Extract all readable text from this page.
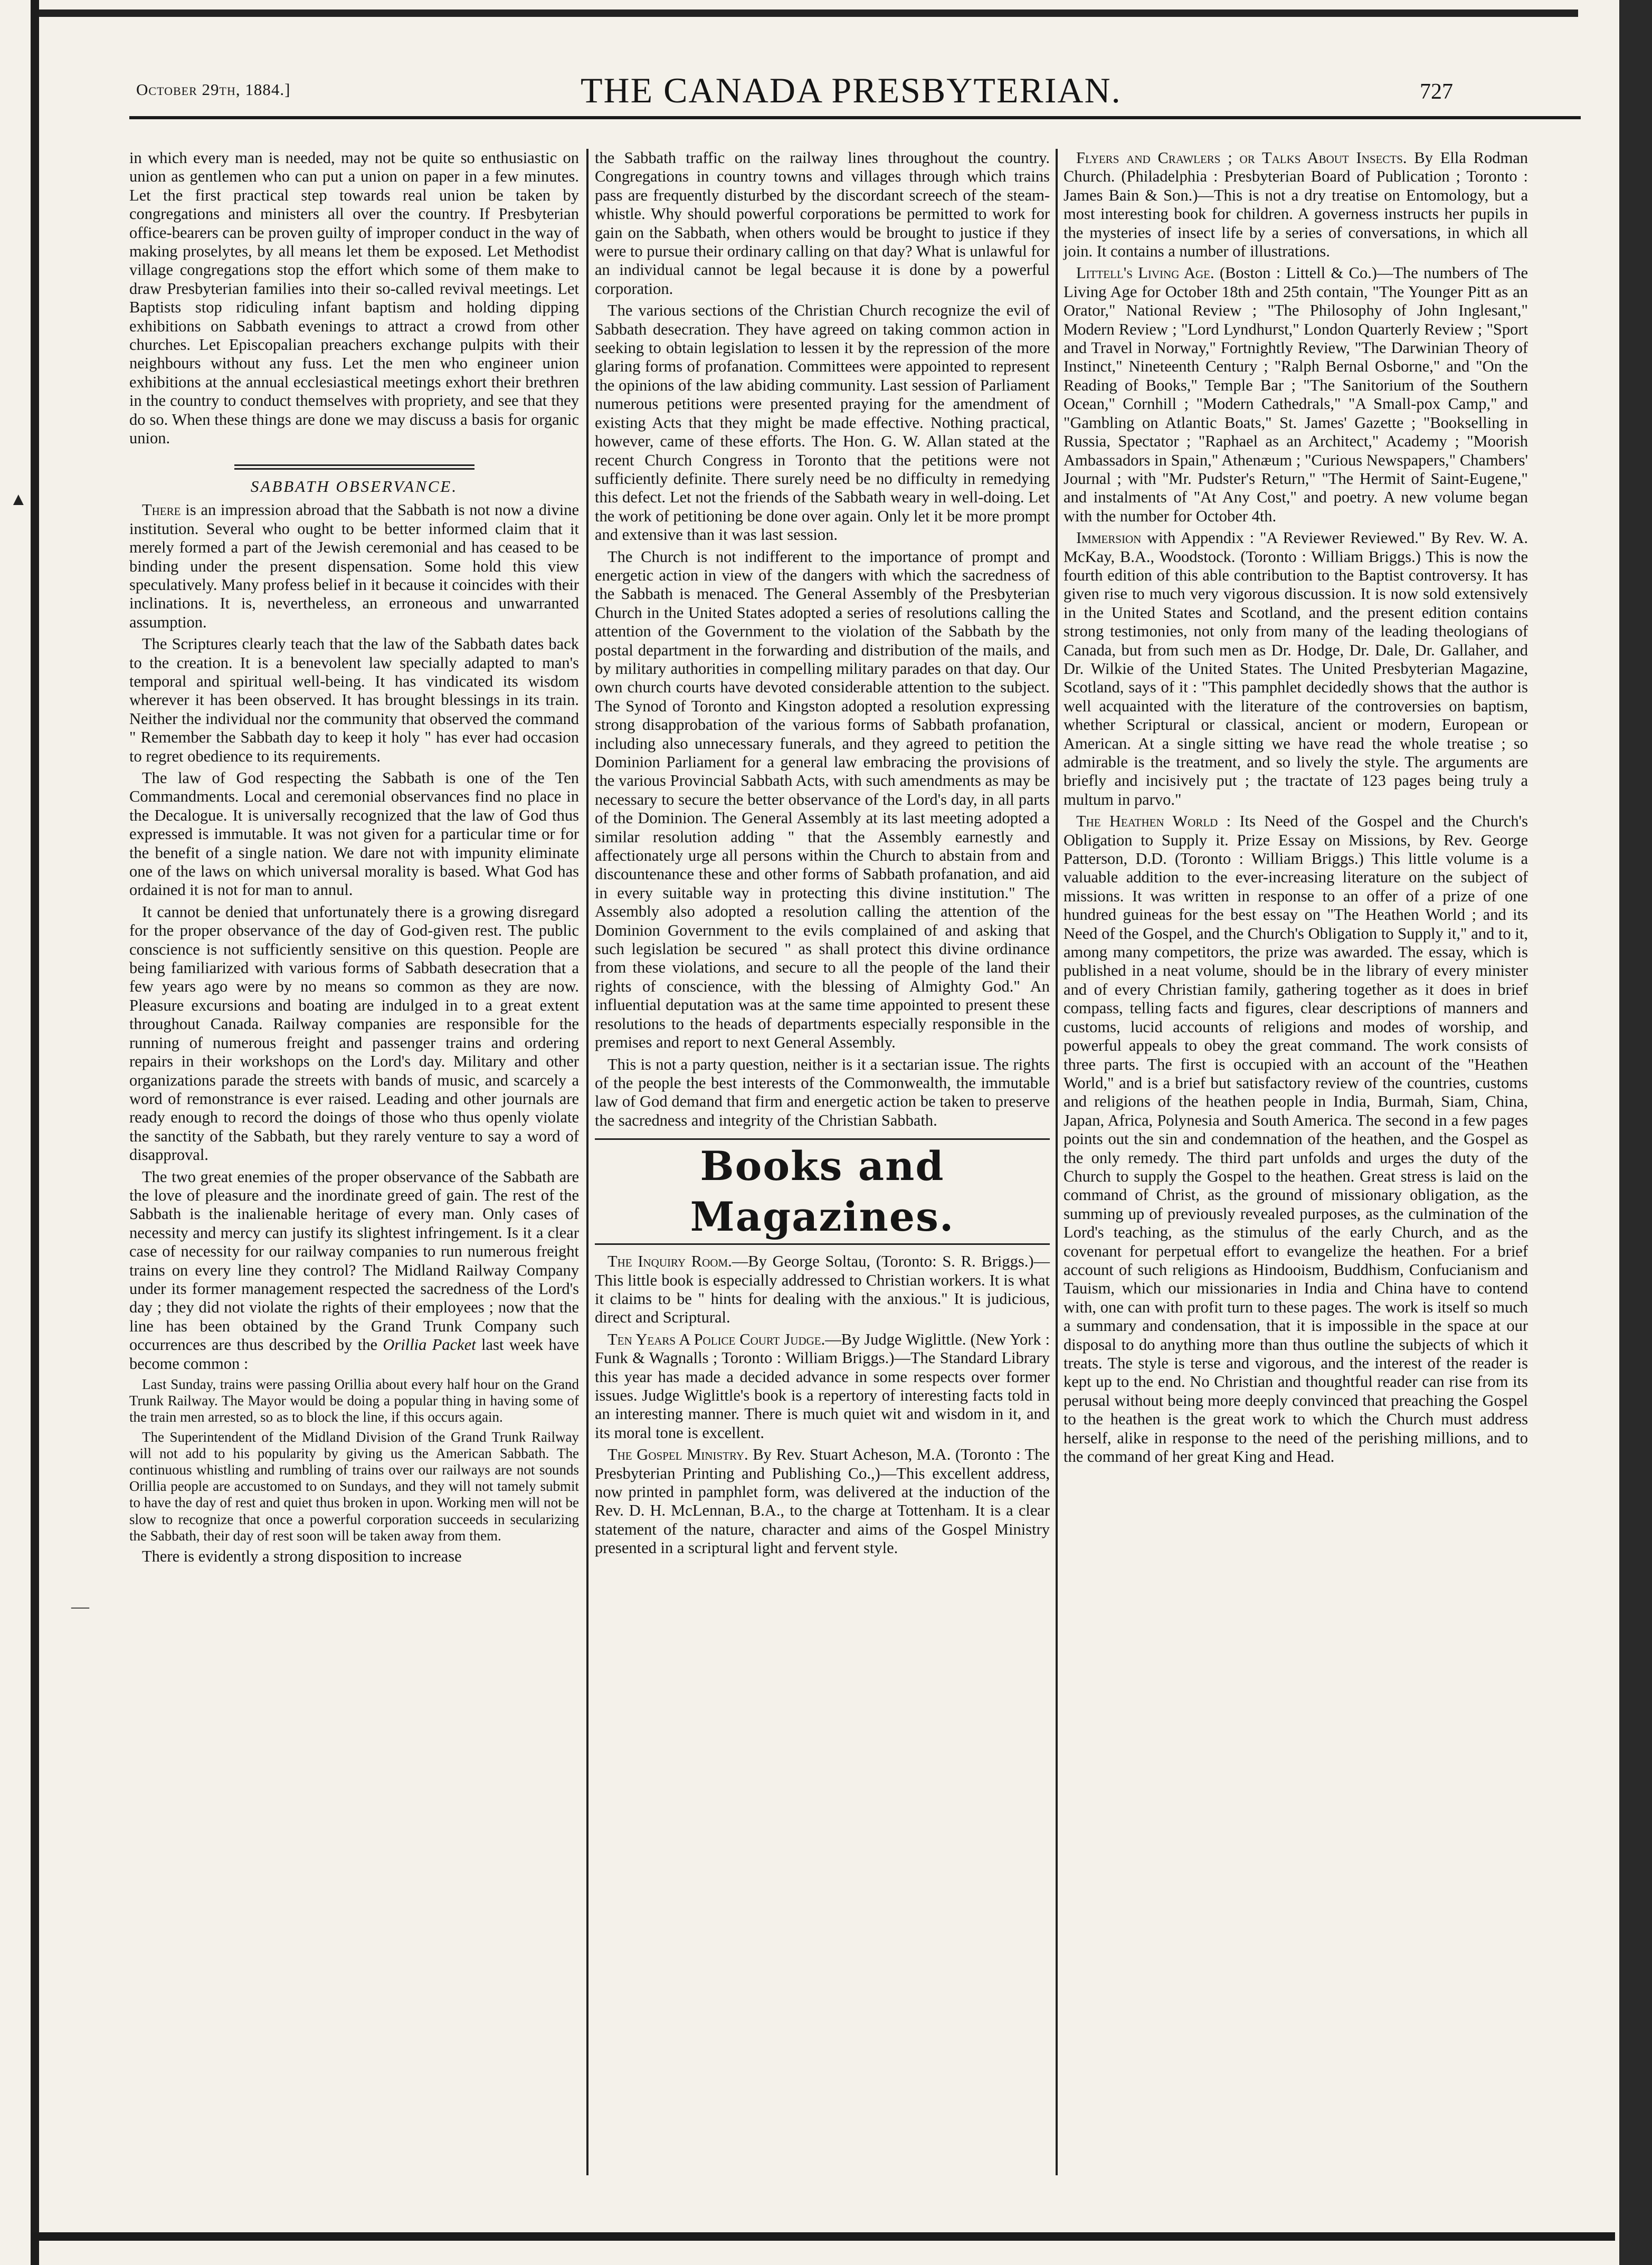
October 29th, 1884.]	THE CANADA PRESBYTERIAN.	727
▲
—

in which every man is needed, may not be quite so enthusiastic on union as gentlemen who can put a union on paper in a few minutes. Let the first practical step towards real union be taken by congregations and ministers all over the country. If Presbyterian office-bearers can be proven guilty of improper conduct in the way of making proselytes, by all means let them be exposed. Let Methodist village congregations stop the effort which some of them make to draw Presbyterian families into their so-called revival meetings. Let Baptists stop ridiculing infant baptism and holding dipping exhibitions on Sabbath evenings to attract a crowd from other churches. Let Episcopalian preachers exchange pulpits with their neighbours without any fuss. Let the men who engineer union exhibitions at the annual ecclesiastical meetings exhort their brethren in the country to conduct themselves with propriety, and see that they do so. When these things are done we may discuss a basis for organic union.

SABBATH OBSERVANCE.

There is an impression abroad that the Sabbath is not now a divine institution. Several who ought to be better informed claim that it merely formed a part of the Jewish ceremonial and has ceased to be binding under the present dispensation. Some hold this view speculatively. Many profess belief in it because it coincides with their inclinations. It is, nevertheless, an erroneous and unwarranted assumption.

The Scriptures clearly teach that the law of the Sabbath dates back to the creation. It is a benevolent law specially adapted to man's temporal and spiritual well-being. It has vindicated its wisdom wherever it has been observed. It has brought blessings in its train. Neither the individual nor the community that observed the command " Remember the Sabbath day to keep it holy " has ever had occasion to regret obedience to its requirements.

The law of God respecting the Sabbath is one of the Ten Commandments. Local and ceremonial observances find no place in the Decalogue. It is universally recognized that the law of God thus expressed is immutable. It was not given for a particular time or for the benefit of a single nation. We dare not with impunity eliminate one of the laws on which universal morality is based. What God has ordained it is not for man to annul.

It cannot be denied that unfortunately there is a growing disregard for the proper observance of the day of God-given rest. The public conscience is not sufficiently sensitive on this question. People are being familiarized with various forms of Sabbath desecration that a few years ago were by no means so common as they are now. Pleasure excursions and boating are indulged in to a great extent throughout Canada. Railway companies are responsible for the running of numerous freight and passenger trains and ordering repairs in their workshops on the Lord's day. Military and other organizations parade the streets with bands of music, and scarcely a word of remonstrance is ever raised. Leading and other journals are ready enough to record the doings of those who thus openly violate the sanctity of the Sabbath, but they rarely venture to say a word of disapproval.

The two great enemies of the proper observance of the Sabbath are the love of pleasure and the inordinate greed of gain. The rest of the Sabbath is the inalienable heritage of every man. Only cases of necessity and mercy can justify its slightest infringement. Is it a clear case of necessity for our railway companies to run numerous freight trains on every line they control? The Midland Railway Company under its former management respected the sacredness of the Lord's day ; they did not violate the rights of their employees ; now that the line has been obtained by the Grand Trunk Company such occurrences are thus described by the Orillia Packet last week have become common :

Last Sunday, trains were passing Orillia about every half hour on the Grand Trunk Railway. The Mayor would be doing a popular thing in having some of the train men arrested, so as to block the line, if this occurs again.

The Superintendent of the Midland Division of the Grand Trunk Railway will not add to his popularity by giving us the American Sabbath. The continuous whistling and rumbling of trains over our railways are not sounds Orillia people are accustomed to on Sundays, and they will not tamely submit to have the day of rest and quiet thus broken in upon. Working men will not be slow to recognize that once a powerful corporation succeeds in secularizing the Sabbath, their day of rest soon will be taken away from them.

There is evidently a strong disposition to increase

the Sabbath traffic on the railway lines throughout the country. Congregations in country towns and villages through which trains pass are frequently disturbed by the discordant screech of the steam-whistle. Why should powerful corporations be permitted to work for gain on the Sabbath, when others would be brought to justice if they were to pursue their ordinary calling on that day? What is unlawful for an individual cannot be legal because it is done by a powerful corporation.

The various sections of the Christian Church recognize the evil of Sabbath desecration. They have agreed on taking common action in seeking to obtain legislation to lessen it by the repression of the more glaring forms of profanation. Committees were appointed to represent the opinions of the law abiding community. Last session of Parliament numerous petitions were presented praying for the amendment of existing Acts that they might be made effective. Nothing practical, however, came of these efforts. The Hon. G. W. Allan stated at the recent Church Congress in Toronto that the petitions were not sufficiently definite. There surely need be no difficulty in remedying this defect. Let not the friends of the Sabbath weary in well-doing. Let the work of petitioning be done over again. Only let it be more prompt and extensive than it was last session.

The Church is not indifferent to the importance of prompt and energetic action in view of the dangers with which the sacredness of the Sabbath is menaced. The General Assembly of the Presbyterian Church in the United States adopted a series of resolutions calling the attention of the Government to the violation of the Sabbath by the postal department in the forwarding and distribution of the mails, and by military authorities in compelling military parades on that day. Our own church courts have devoted considerable attention to the subject. The Synod of Toronto and Kingston adopted a resolution expressing strong disapprobation of the various forms of Sabbath profanation, including also unnecessary funerals, and they agreed to petition the Dominion Parliament for a general law embracing the provisions of the various Provincial Sabbath Acts, with such amendments as may be necessary to secure the better observance of the Lord's day, in all parts of the Dominion. The General Assembly at its last meeting adopted a similar resolution adding " that the Assembly earnestly and affectionately urge all persons within the Church to abstain from and discountenance these and other forms of Sabbath profanation, and aid in every suitable way in protecting this divine institution." The Assembly also adopted a resolution calling the attention of the Dominion Government to the evils complained of and asking that such legislation be secured " as shall protect this divine ordinance from these violations, and secure to all the people of the land their rights of conscience, with the blessing of Almighty God." An influential deputation was at the same time appointed to present these resolutions to the heads of departments especially responsible in the premises and report to next General Assembly.

This is not a party question, neither is it a sectarian issue. The rights of the people the best interests of the Commonwealth, the immutable law of God demand that firm and energetic action be taken to preserve the sacredness and integrity of the Christian Sabbath.

Books and Magazines.

The Inquiry Room.—By George Soltau, (Toronto: S. R. Briggs.)—This little book is especially addressed to Christian workers. It is what it claims to be " hints for dealing with the anxious." It is judicious, direct and Scriptural.

Ten Years A Police Court Judge.—By Judge Wiglittle. (New York : Funk & Wagnalls ; Toronto : William Briggs.)—The Standard Library this year has made a decided advance in some respects over former issues. Judge Wiglittle's book is a repertory of interesting facts told in an interesting manner. There is much quiet wit and wisdom in it, and its moral tone is excellent.

The Gospel Ministry. By Rev. Stuart Acheson, M.A. (Toronto : The Presbyterian Printing and Publishing Co.,)—This excellent address, now printed in pamphlet form, was delivered at the induction of the Rev. D. H. McLennan, B.A., to the charge at Tottenham. It is a clear statement of the nature, character and aims of the Gospel Ministry presented in a scriptural light and fervent style.

Flyers and Crawlers ; or Talks About Insects. By Ella Rodman Church. (Philadelphia : Presbyterian Board of Publication ; Toronto : James Bain & Son.)—This is not a dry treatise on Entomology, but a most interesting book for children. A governess instructs her pupils in the mysteries of insect life by a series of conversations, in which all join. It contains a number of illustrations.

Littell's Living Age. (Boston : Littell & Co.)—The numbers of The Living Age for October 18th and 25th contain, "The Younger Pitt as an Orator," National Review ; "The Philosophy of John Inglesant," Modern Review ; "Lord Lyndhurst," London Quarterly Review ; "Sport and Travel in Norway," Fortnightly Review, "The Darwinian Theory of Instinct," Nineteenth Century ; "Ralph Bernal Osborne," and "On the Reading of Books," Temple Bar ; "The Sanitorium of the Southern Ocean," Cornhill ; "Modern Cathedrals," "A Small-pox Camp," and "Gambling on Atlantic Boats," St. James' Gazette ; "Bookselling in Russia, Spectator ; "Raphael as an Architect," Academy ; "Moorish Ambassadors in Spain," Athenæum ; "Curious Newspapers," Chambers' Journal ; with "Mr. Pudster's Return," "The Hermit of Saint-Eugene," and instalments of "At Any Cost," and poetry. A new volume began with the number for October 4th.

Immersion with Appendix : "A Reviewer Reviewed." By Rev. W. A. McKay, B.A., Woodstock. (Toronto : William Briggs.) This is now the fourth edition of this able contribution to the Baptist controversy. It has given rise to much very vigorous discussion. It is now sold extensively in the United States and Scotland, and the present edition contains strong testimonies, not only from many of the leading theologians of Canada, but from such men as Dr. Hodge, Dr. Dale, Dr. Gallaher, and Dr. Wilkie of the United States. The United Presbyterian Magazine, Scotland, says of it : "This pamphlet decidedly shows that the author is well acquainted with the literature of the controversies on baptism, whether Scriptural or classical, ancient or modern, European or American. At a single sitting we have read the whole treatise ; so admirable is the treatment, and so lively the style. The arguments are briefly and incisively put ; the tractate of 123 pages being truly a multum in parvo."

The Heathen World : Its Need of the Gospel and the Church's Obligation to Supply it. Prize Essay on Missions, by Rev. George Patterson, D.D. (Toronto : William Briggs.) This little volume is a valuable addition to the ever-increasing literature on the subject of missions. It was written in response to an offer of a prize of one hundred guineas for the best essay on "The Heathen World ; and its Need of the Gospel, and the Church's Obligation to Supply it," and to it, among many competitors, the prize was awarded. The essay, which is published in a neat volume, should be in the library of every minister and of every Christian family, gathering together as it does in brief compass, telling facts and figures, clear descriptions of manners and customs, lucid accounts of religions and modes of worship, and powerful appeals to obey the great command. The work consists of three parts. The first is occupied with an account of the "Heathen World," and is a brief but satisfactory review of the countries, customs and religions of the heathen people in India, Burmah, Siam, China, Japan, Africa, Polynesia and South America. The second in a few pages points out the sin and condemnation of the heathen, and the Gospel as the only remedy. The third part unfolds and urges the duty of the Church to supply the Gospel to the heathen. Great stress is laid on the command of Christ, as the ground of missionary obligation, as the summing up of previously revealed purposes, as the culmination of the Lord's teaching, as the stimulus of the early Church, and as the covenant for perpetual effort to evangelize the heathen. For a brief account of such religions as Hindooism, Buddhism, Confucianism and Tauism, which our missionaries in India and China have to contend with, one can with profit turn to these pages. The work is itself so much a summary and condensation, that it is impossible in the space at our disposal to do anything more than thus outline the subjects of which it treats. The style is terse and vigorous, and the interest of the reader is kept up to the end. No Christian and thoughtful reader can rise from its perusal without being more deeply convinced that preaching the Gospel to the heathen is the great work to which the Church must address herself, alike in response to the need of the perishing millions, and to the command of her great King and Head.
